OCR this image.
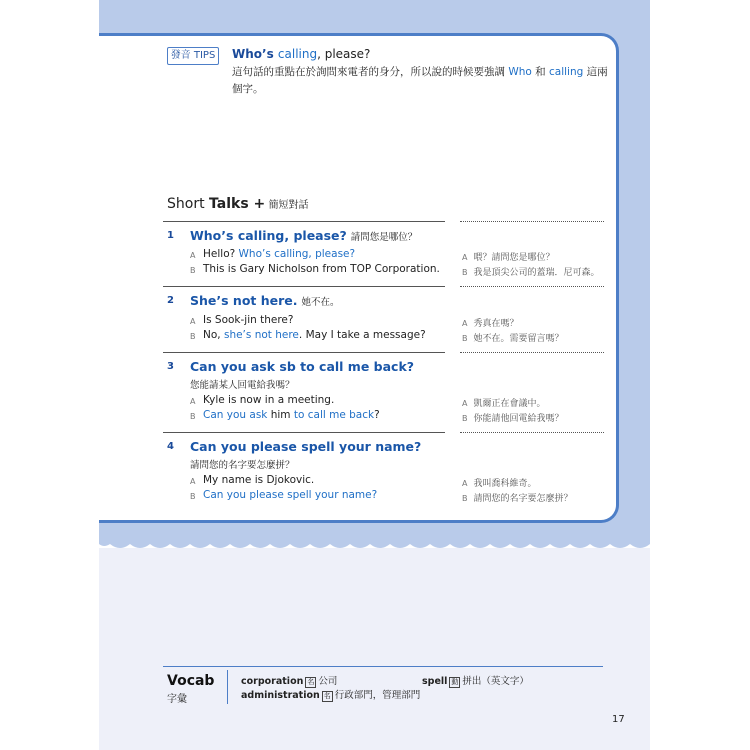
發音 TIPS	Who’s calling, please?
這句話的重點在於詢問來電者的身分，所以說的時候要強調 Who 和 calling 這兩個字。
Short Talks + 簡短對話
1 Who’s calling, please? 請問您是哪位？
A Hello? Who’s calling, please?
B This is Gary Nicholson from TOP Corporation.
A 喂？請問您是哪位？
B 我是頂尖公司的蓋瑞．尼可森。
2 She’s not here. 她不在。
A Is Sook-jin there?
B No, she’s not here. May I take a message?
A 秀真在嗎？
B 她不在。需要留言嗎？
3 Can you ask sb to call me back?
您能請某人回電給我嗎？
A Kyle is now in a meeting.
B Can you ask him to call me back?
A 凱爾正在會議中。
B 你能請他回電給我嗎？
4 Can you please spell your name?
請問您的名字要怎麼拼？
A My name is Djokovic.
B Can you please spell your name?
A 我叫喬科維奇。
B 請問您的名字要怎麼拼？
Vocab
字彙
corporation 名 公司
administration 名 行政部門，管理部門
spell 動 拼出（英文字）
17
